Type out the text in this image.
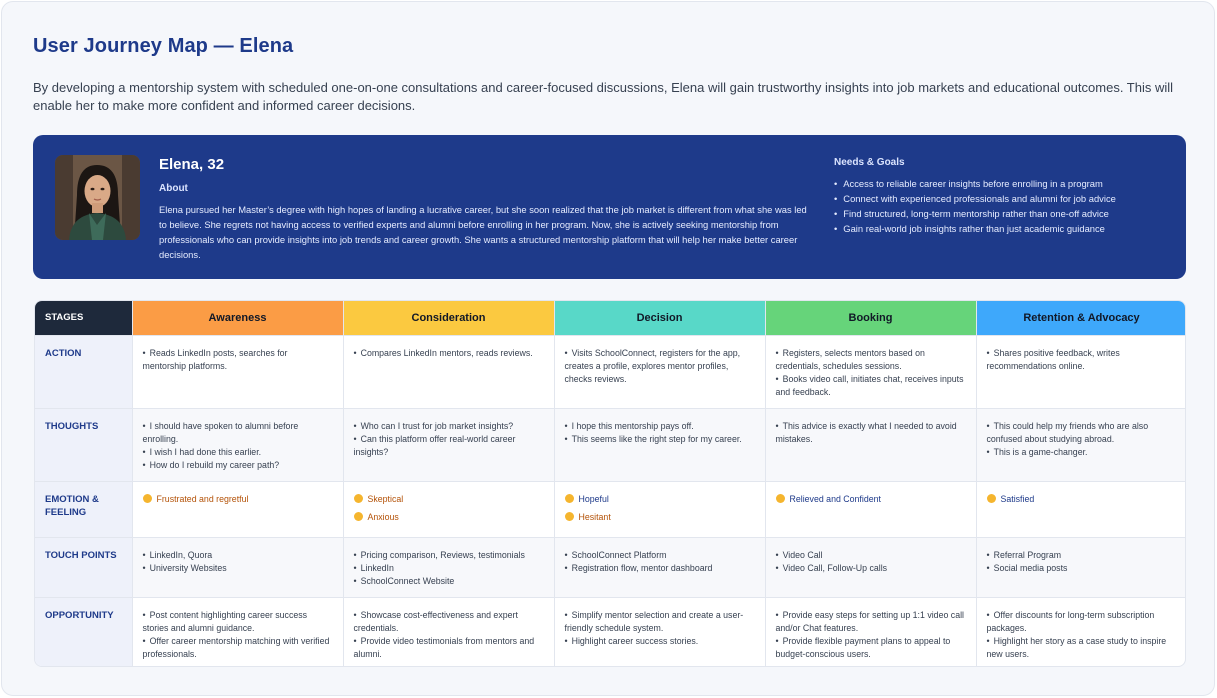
User Journey Map — Elena
By developing a mentorship system with scheduled one-on-one consultations and career-focused discussions, Elena will gain trustworthy insights into job markets and educational outcomes. This will enable her to make more confident and informed career decisions.
Elena, 32
About
Elena pursued her Master’s degree with high hopes of landing a lucrative career, but she soon realized that the job market is different from what she was led to believe. She regrets not having access to verified experts and alumni before enrolling in her program. Now, she is actively seeking mentorship from professionals who can provide insights into job trends and career growth. She wants a structured mentorship platform that will help her make better career decisions.
Needs & Goals
• Access to reliable career insights before enrolling in a program
• Connect with experienced professionals and alumni for job advice
• Find structured, long-term mentorship rather than one-off advice
• Gain real-world job insights rather than just academic guidance
STAGES	Awareness	Consideration	Decision	Booking	Retention & Advocacy
ACTION	• Reads LinkedIn posts, searches for mentorship platforms.	• Compares LinkedIn mentors, reads reviews.	• Visits SchoolConnect, registers for the app, creates a profile, explores mentor profiles, checks reviews.	• Registers, selects mentors based on credentials, schedules sessions.
• Books video call, initiates chat, receives inputs and feedback.	• Shares positive feedback, writes recommendations online.

THOUGHTS	• I should have spoken to alumni before enrolling.
• I wish I had done this earlier.
• How do I rebuild my career path?	• Who can I trust for job market insights?
• Can this platform offer real-world career insights?	• I hope this mentorship pays off.
• This seems like the right step for my career.	• This advice is exactly what I needed to avoid mistakes.	• This could help my friends who are also confused about studying abroad.
• This is a game-changer.

EMOTION & FEELING	Frustrated and regretful	Skeptical
Anxious	Hopeful
Hesitant	Relieved and Confident	Satisfied

TOUCH POINTS	• LinkedIn, Quora
• University Websites	• Pricing comparison, Reviews, testimonials
• LinkedIn
• SchoolConnect Website	• SchoolConnect Platform
• Registration flow, mentor dashboard	• Video Call
• Video Call, Follow-Up calls	• Referral Program
• Social media posts

OPPORTUNITY	• Post content highlighting career success stories and alumni guidance.
• Offer career mentorship matching with verified professionals.	• Showcase cost-effectiveness and expert credentials.
• Provide video testimonials from mentors and alumni.	• Simplify mentor selection and create a user-friendly schedule system.
• Highlight career success stories.	• Provide easy steps for setting up 1:1 video call and/or Chat features.
• Provide flexible payment plans to appeal to budget-conscious users.	• Offer discounts for long-term subscription packages.
• Highlight her story as a case study to inspire new users.
